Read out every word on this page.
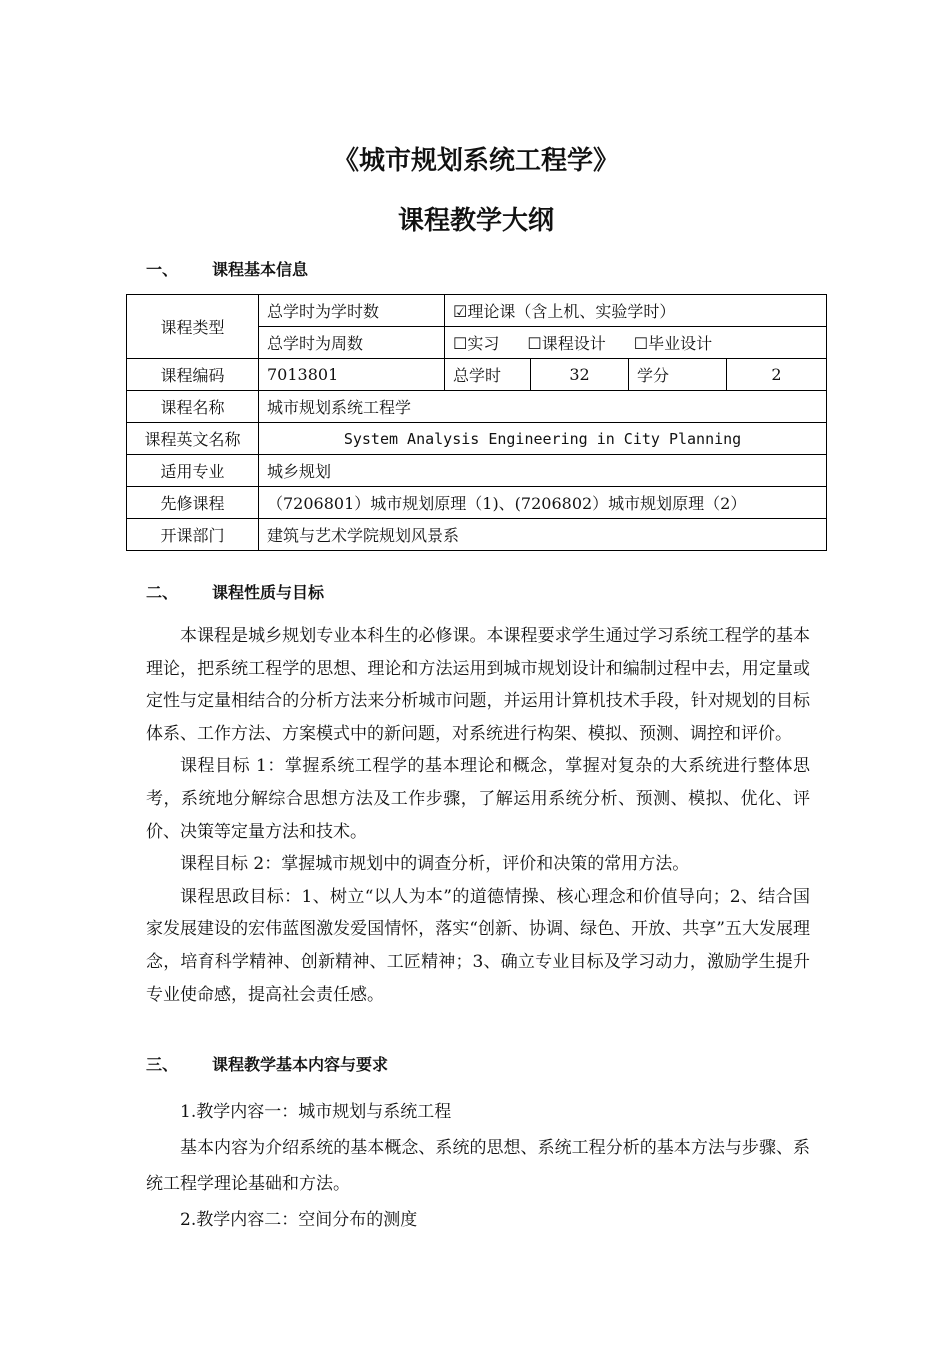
《城市规划系统工程学》
课程教学大纲
一、 课程基本信息
课程类型	总学时为学时数	☑理论课（含上机、实验学时）			
	总学时为周数	☐实习 ☐课程设计 ☐毕业设计			
课程编码	7013801	总学时	32	学分	2
课程名称	城市规划系统工程学				
课程英文名称	System Analysis Engineering in City Planning				
适用专业	城乡规划				
先修课程	（7206801）城市规划原理（1)、(7206802）城市规划原理（2）				
开课部门	建筑与艺术学院规划风景系				
二、 课程性质与目标

本课程是城乡规划专业本科生的必修课。本课程要求学生通过学习系统工程学的基本理论，把系统工程学的思想、理论和方法运用到城市规划设计和编制过程中去，用定量或定性与定量相结合的分析方法来分析城市问题，并运用计算机技术手段，针对规划的目标体系、工作方法、方案模式中的新问题，对系统进行构架、模拟、预测、调控和评价。

课程目标 1：掌握系统工程学的基本理论和概念，掌握对复杂的大系统进行整体思考，系统地分解综合思想方法及工作步骤，了解运用系统分析、预测、模拟、优化、评价、决策等定量方法和技术。

课程目标 2：掌握城市规划中的调查分析，评价和决策的常用方法。

课程思政目标：1、树立“以人为本”的道德情操、核心理念和价值导向；2、结合国家发展建设的宏伟蓝图激发爱国情怀，落实“创新、协调、绿色、开放、共享”五大发展理念，培育科学精神、创新精神、工匠精神；3、确立专业目标及学习动力，激励学生提升专业使命感，提高社会责任感。

三、 课程教学基本内容与要求

1.教学内容一：城市规划与系统工程

基本内容为介绍系统的基本概念、系统的思想、系统工程分析的基本方法与步骤、系统工程学理论基础和方法。

2.教学内容二：空间分布的测度
